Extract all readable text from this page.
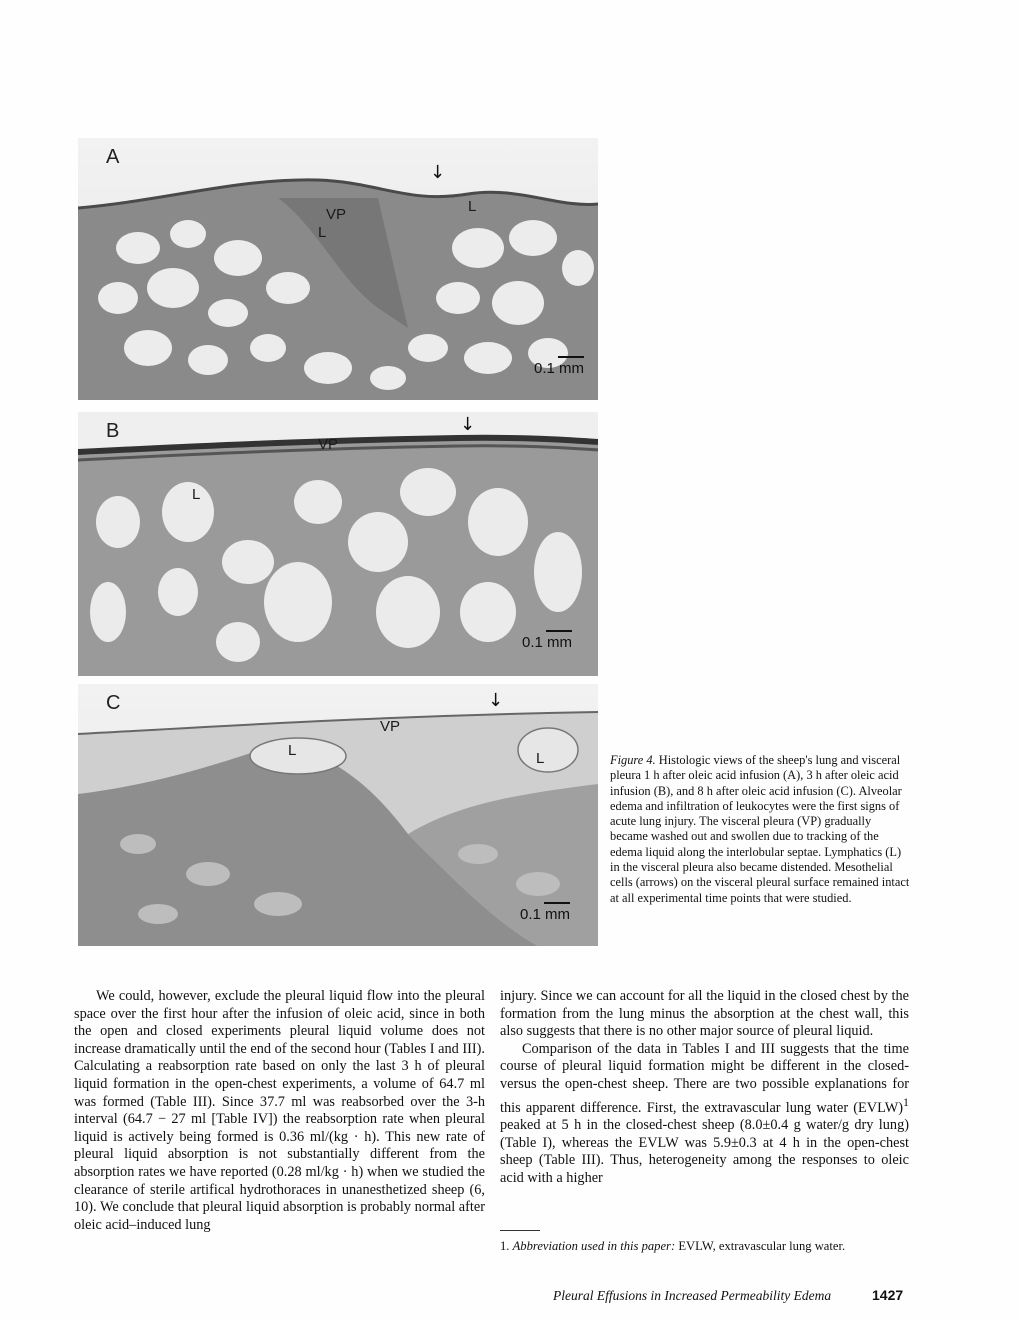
A
VP
L
L
↓
0.1 mm
B
VP
L
↓
0.1 mm
C
VP
L	L
↓
0.1 mm
Figure 4. Histologic views of the sheep's lung and visceral pleura 1 h after oleic acid infusion (A), 3 h after oleic acid infusion (B), and 8 h after oleic acid infusion (C). Alveolar edema and infiltration of leukocytes were the first signs of acute lung injury. The visceral pleura (VP) gradually became washed out and swollen due to tracking of the edema liquid along the interlobular septae. Lymphatics (L) in the visceral pleura also became distended. Mesothelial cells (arrows) on the visceral pleural surface remained intact at all experimental time points that were studied.

We could, however, exclude the pleural liquid flow into the pleural space over the first hour after the infusion of oleic acid, since in both the open and closed experiments pleural liquid volume does not increase dramatically until the end of the second hour (Tables I and III). Calculating a reabsorption rate based on only the last 3 h of pleural liquid formation in the open-chest experiments, a volume of 64.7 ml was formed (Table III). Since 37.7 ml was reabsorbed over the 3-h interval (64.7 − 27 ml [Table IV]) the reabsorption rate when pleural liquid is actively being formed is 0.36 ml/(kg · h). This new rate of pleural liquid absorption is not substantially different from the absorption rates we have reported (0.28 ml/kg · h) when we studied the clearance of sterile artifical hydrothoraces in unanesthetized sheep (6, 10). We conclude that pleural liquid absorption is probably normal after oleic acid–induced lung

injury. Since we can account for all the liquid in the closed chest by the formation from the lung minus the absorption at the chest wall, this also suggests that there is no other major source of pleural liquid.

Comparison of the data in Tables I and III suggests that the time course of pleural liquid formation might be different in the closed- versus the open-chest sheep. There are two possible explanations for this apparent difference. First, the extravascular lung water (EVLW)$^1$ peaked at 5 h in the closed-chest sheep (8.0±0.4 g water/g dry lung) (Table I), whereas the EVLW was 5.9±0.3 at 4 h in the open-chest sheep (Table III). Thus, heterogeneity among the responses to oleic acid with a higher

1. Abbreviation used in this paper: EVLW, extravascular lung water.
Pleural Effusions in Increased Permeability Edema	1427
